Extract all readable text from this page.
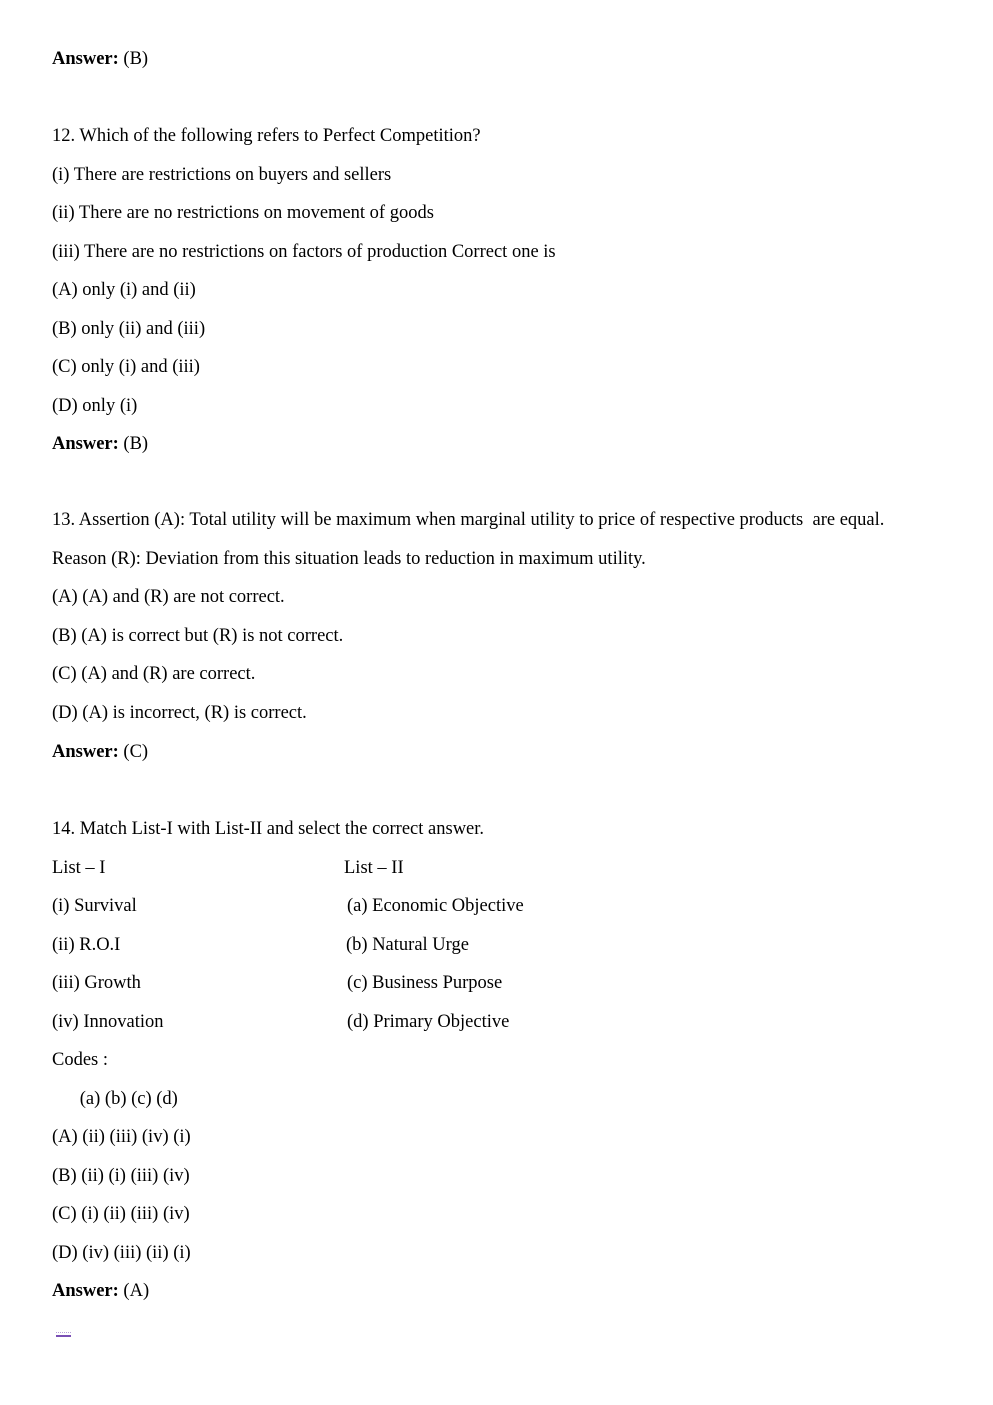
Answer: (B)
12. Which of the following refers to Perfect Competition?
(i) There are restrictions on buyers and sellers
(ii) There are no restrictions on movement of goods
(iii) There are no restrictions on factors of production Correct one is
(A) only (i) and (ii)
(B) only (ii) and (iii)
(C) only (i) and (iii)
(D) only (i)
Answer: (B)
13. Assertion (A): Total utility will be maximum when marginal utility to price of respective products  are equal.
Reason (R): Deviation from this situation leads to reduction in maximum utility.
(A) (A) and (R) are not correct.
(B) (A) is correct but (R) is not correct.
(C) (A) and (R) are correct.
(D) (A) is incorrect, (R) is correct.
Answer: (C)
14. Match List-I with List-II and select the correct answer.
List – I	List – II
(i) Survival	(a) Economic Objective
(ii) R.O.I	(b) Natural Urge
(iii) Growth	(c) Business Purpose
(iv) Innovation	(d) Primary Objective
Codes :
(a) (b) (c) (d)
(A) (ii) (iii) (iv) (i)
(B) (ii) (i) (iii) (iv)
(C) (i) (ii) (iii) (iv)
(D) (iv) (iii) (ii) (i)
Answer: (A)
